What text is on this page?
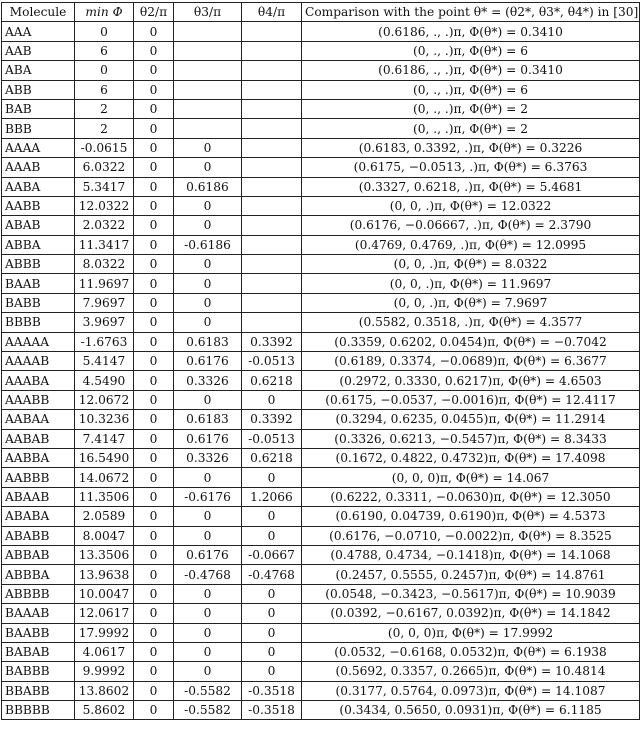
Molecule	min Φ	θ2/π	θ3/π	θ4/π	Comparison with the point θ* = (θ2*, θ3*, θ4*) in [30]
AAA	0	0			(0.6186, ., .)π, Φ(θ*) = 0.3410
AAB	6	0			(0, ., .)π, Φ(θ*) = 6
ABA	0	0			(0.6186, ., .)π, Φ(θ*) = 0.3410
ABB	6	0			(0, ., .)π, Φ(θ*) = 6
BAB	2	0			(0, ., .)π, Φ(θ*) = 2
BBB	2	0			(0, ., .)π, Φ(θ*) = 2
AAAA	-0.0615	0	0		(0.6183, 0.3392, .)π, Φ(θ*) = 0.3226
AAAB	6.0322	0	0		(0.6175, −0.0513, .)π, Φ(θ*) = 6.3763
AABA	5.3417	0	0.6186		(0.3327, 0.6218, .)π, Φ(θ*) = 5.4681
AABB	12.0322	0	0		(0, 0, .)π, Φ(θ*) = 12.0322
ABAB	2.0322	0	0		(0.6176, −0.06667, .)π, Φ(θ*) = 2.3790
ABBA	11.3417	0	-0.6186		(0.4769, 0.4769, .)π, Φ(θ*) = 12.0995
ABBB	8.0322	0	0		(0, 0, .)π, Φ(θ*) = 8.0322
BAAB	11.9697	0	0		(0, 0, .)π, Φ(θ*) = 11.9697
BABB	7.9697	0	0		(0, 0, .)π, Φ(θ*) = 7.9697
BBBB	3.9697	0	0		(0.5582, 0.3518, .)π, Φ(θ*) = 4.3577
AAAAA	-1.6763	0	0.6183	0.3392	(0.3359, 0.6202, 0.0454)π, Φ(θ*) = −0.7042
AAAAB	5.4147	0	0.6176	-0.0513	(0.6189, 0.3374, −0.0689)π, Φ(θ*) = 6.3677
AAABA	4.5490	0	0.3326	0.6218	(0.2972, 0.3330, 0.6217)π, Φ(θ*) = 4.6503
AAABB	12.0672	0	0	0	(0.6175, −0.0537, −0.0016)π, Φ(θ*) = 12.4117
AABAA	10.3236	0	0.6183	0.3392	(0.3294, 0.6235, 0.0455)π, Φ(θ*) = 11.2914
AABAB	7.4147	0	0.6176	-0.0513	(0.3326, 0.6213, −0.5457)π, Φ(θ*) = 8.3433
AABBA	16.5490	0	0.3326	0.6218	(0.1672, 0.4822, 0.4732)π, Φ(θ*) = 17.4098
AABBB	14.0672	0	0	0	(0, 0, 0)π, Φ(θ*) = 14.067
ABAAB	11.3506	0	-0.6176	1.2066	(0.6222, 0.3311, −0.0630)π, Φ(θ*) = 12.3050
ABABA	2.0589	0	0	0	(0.6190, 0.04739, 0.6190)π, Φ(θ*) = 4.5373
ABABB	8.0047	0	0	0	(0.6176, −0.0710, −0.0022)π, Φ(θ*) = 8.3525
ABBAB	13.3506	0	0.6176	-0.0667	(0.4788, 0.4734, −0.1418)π, Φ(θ*) = 14.1068
ABBBA	13.9638	0	-0.4768	-0.4768	(0.2457, 0.5555, 0.2457)π, Φ(θ*) = 14.8761
ABBBB	10.0047	0	0	0	(0.0548, −0.3423, −0.5617)π, Φ(θ*) = 10.9039
BAAAB	12.0617	0	0	0	(0.0392, −0.6167, 0.0392)π, Φ(θ*) = 14.1842
BAABB	17.9992	0	0	0	(0, 0, 0)π, Φ(θ*) = 17.9992
BABAB	4.0617	0	0	0	(0.0532, −0.6168, 0.0532)π, Φ(θ*) = 6.1938
BABBB	9.9992	0	0	0	(0.5692, 0.3357, 0.2665)π, Φ(θ*) = 10.4814
BBABB	13.8602	0	-0.5582	-0.3518	(0.3177, 0.5764, 0.0973)π, Φ(θ*) = 14.1087
BBBBB	5.8602	0	-0.5582	-0.3518	(0.3434, 0.5650, 0.0931)π, Φ(θ*) = 6.1185
